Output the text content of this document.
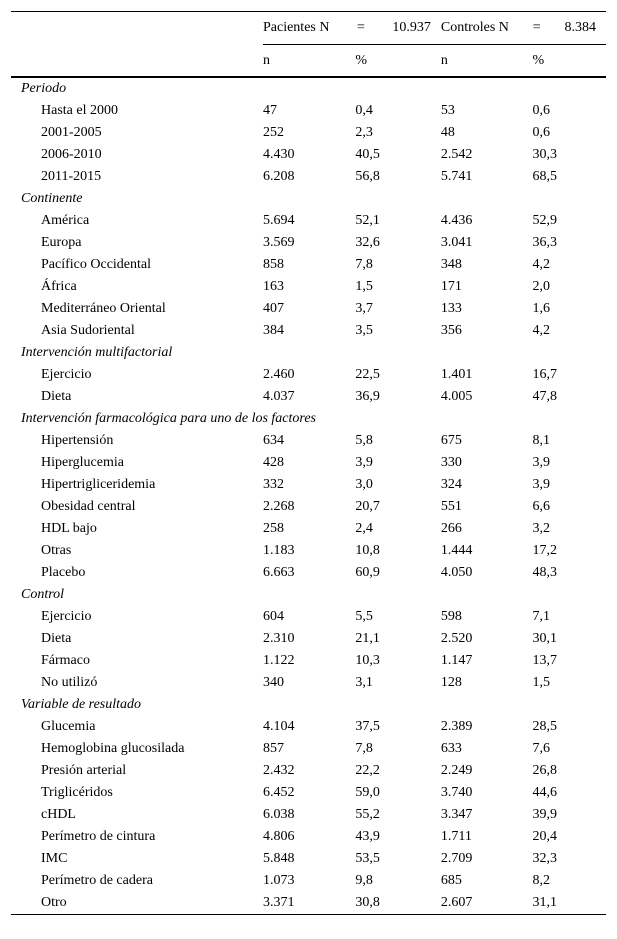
	Pacientes N = 10.937		Controles N = 8.384	

	n	%	n	%
Periodo				
Hasta el 2000	47	0,4	53	0,6
2001-2005	252	2,3	48	0,6
2006-2010	4.430	40,5	2.542	30,3
2011-2015	6.208	56,8	5.741	68,5
Continente				
América	5.694	52,1	4.436	52,9
Europa	3.569	32,6	3.041	36,3
Pacífico Occidental	858	7,8	348	4,2
África	163	1,5	171	2,0
Mediterráneo Oriental	407	3,7	133	1,6
Asia Sudoriental	384	3,5	356	4,2
Intervención multifactorial				
Ejercicio	2.460	22,5	1.401	16,7
Dieta	4.037	36,9	4.005	47,8
Intervención farmacológica para uno de los factores				
Hipertensión	634	5,8	675	8,1
Hiperglucemia	428	3,9	330	3,9
Hipertrigliceridemia	332	3,0	324	3,9
Obesidad central	2.268	20,7	551	6,6
HDL bajo	258	2,4	266	3,2
Otras	1.183	10,8	1.444	17,2
Placebo	6.663	60,9	4.050	48,3
Control				
Ejercicio	604	5,5	598	7,1
Dieta	2.310	21,1	2.520	30,1
Fármaco	1.122	10,3	1.147	13,7
No utilizó	340	3,1	128	1,5
Variable de resultado				
Glucemia	4.104	37,5	2.389	28,5
Hemoglobina glucosilada	857	7,8	633	7,6
Presión arterial	2.432	22,2	2.249	26,8
Triglicéridos	6.452	59,0	3.740	44,6
cHDL	6.038	55,2	3.347	39,9
Perímetro de cintura	4.806	43,9	1.711	20,4
IMC	5.848	53,5	2.709	32,3
Perímetro de cadera	1.073	9,8	685	8,2
Otro	3.371	30,8	2.607	31,1
